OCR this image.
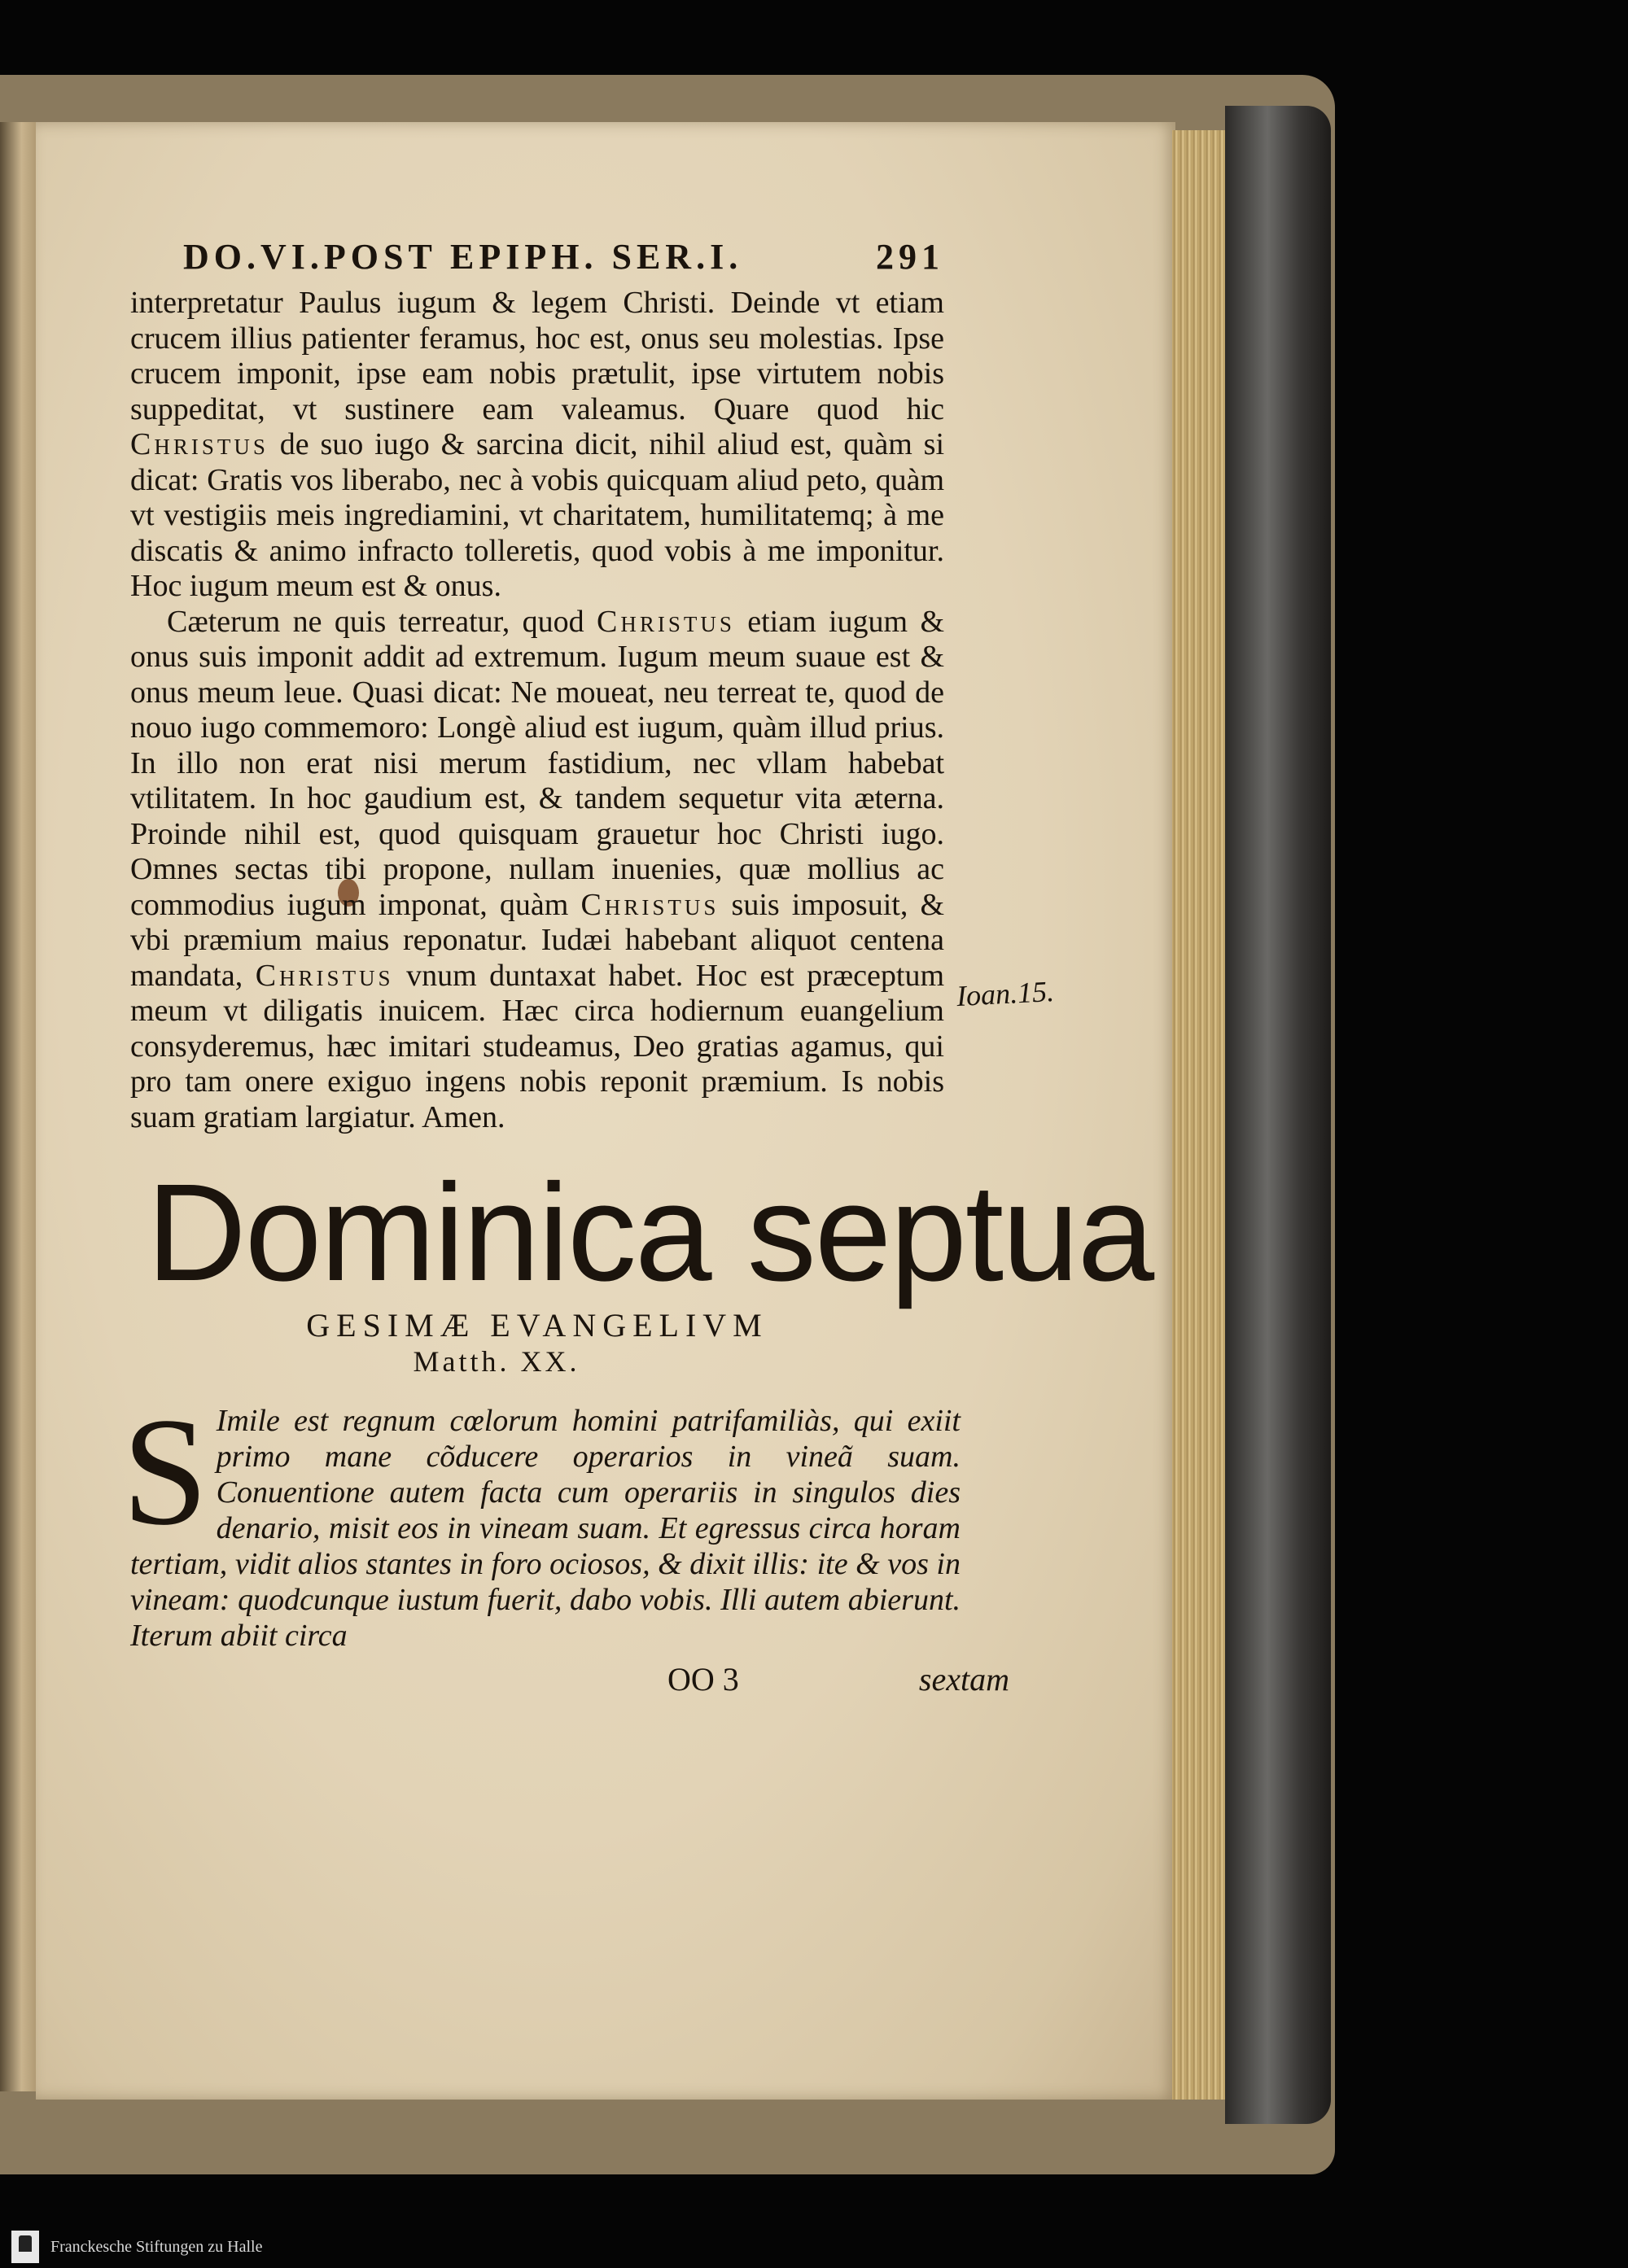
DO.VI.POST EPIPH. SER.I.	291

interpretatur Paulus iugum & legem Christi. Deinde vt etiam crucem illius patienter feramus, hoc est, onus seu molestias. Ipse crucem imponit, ipse eam nobis prætulit, ipse virtutem nobis suppeditat, vt sustinere eam valeamus. Quare quod hic Christus de suo iugo & sarcina dicit, nihil aliud est, quàm si dicat: Gratis vos liberabo, nec à vobis quicquam aliud peto, quàm vt vestigiis meis ingrediamini, vt charitatem, humilitatemq; à me discatis & animo infracto tolleretis, quod vobis à me imponitur. Hoc iugum meum est & onus.

Cæterum ne quis terreatur, quod Christus etiam iugum & onus suis imponit addit ad extremum. Iugum meum suaue est & onus meum leue. Quasi dicat: Ne moueat, neu terreat te, quod de nouo iugo commemoro: Longè aliud est iugum, quàm illud prius. In illo non erat nisi merum fastidium, nec vllam habebat vtilitatem. In hoc gaudium est, & tandem sequetur vita æterna. Proinde nihil est, quod quisquam grauetur hoc Christi iugo. Omnes sectas tibi propone, nullam inuenies, quæ mollius ac commodius iugum imponat, quàm Christus suis imposuit, & vbi præmium maius reponatur. Iudæi habebant aliquot centena mandata, Christus vnum duntaxat habet. Hoc est præceptum meum vt diligatis inuicem. Hæc circa hodiernum euangelium consyderemus, hæc imitari studeamus, Deo gratias agamus, qui pro tam onere exiguo ingens nobis reponit præmium. Is nobis suam gratiam largiatur. Amen.

Dominica septua
GESIMÆ EVANGELIVM
Matth. XX.
S Imile est regnum cœlorum homini patrifamiliàs, qui exiit primo mane cõducere operarios in vineã suam. Conuentione autem facta cum operariis in singulos dies denario, misit eos in vineam suam. Et egressus circa horam tertiam, vidit alios stantes in foro ociosos, & dixit illis: ite & vos in vineam: quodcunque iustum fuerit, dabo vobis. Illi autem abierunt. Iterum abiit circa

OO 3	sextam
Ioan.15.
Franckesche Stiftungen zu Halle
